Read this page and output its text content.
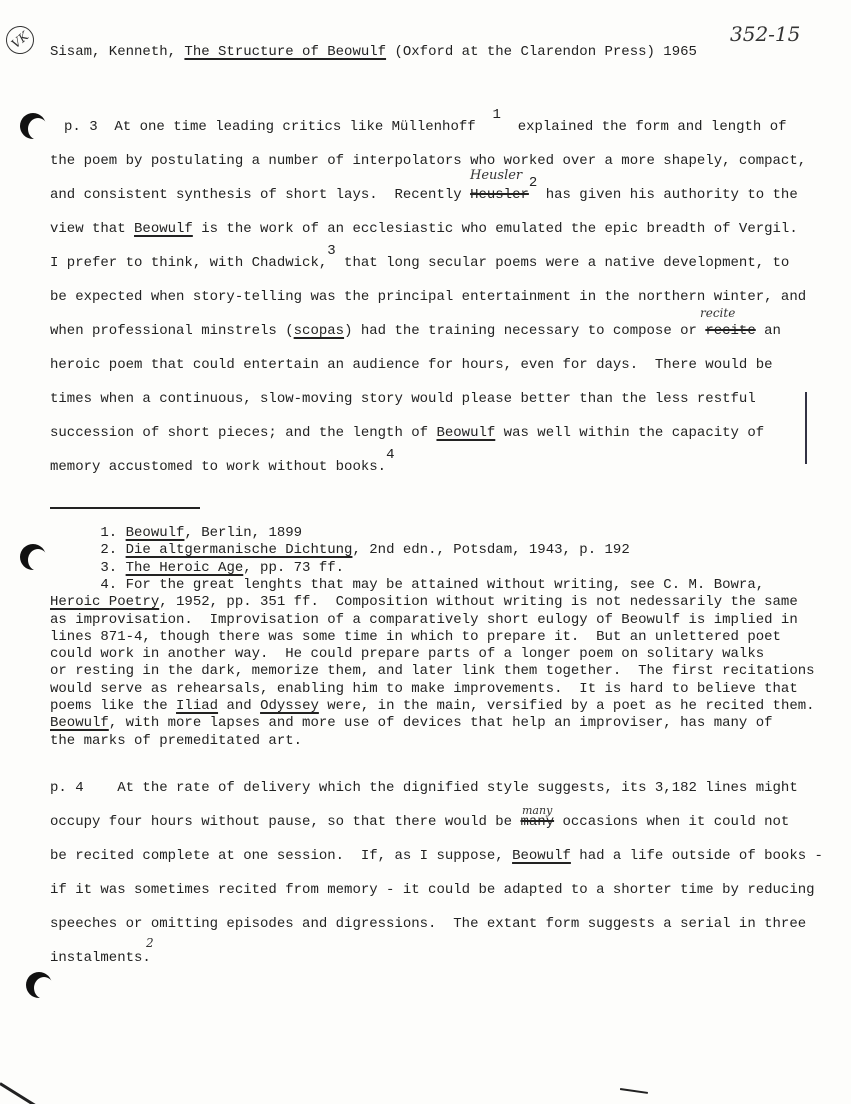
VK	352-15
Heusler
recite
many
2
Sisam, Kenneth, The Structure of Beowulf (Oxford at the Clarendon Press) 1965
p. 3  At one time leading critics like Müllenhoff  1  explained the form and length of
the poem by postulating a number of interpolators who worked over a more shapely, compact,
and consistent synthesis of short lays.  Recently Heusler2 has given his authority to the
view that Beowulf is the work of an ecclesiastic who emulated the epic breadth of Vergil.
I prefer to think, with Chadwick,3 that long secular poems were a native development, to
be expected when story-telling was the principal entertainment in the northern winter, and
when professional minstrels (scopas) had the training necessary to compose or recite an
heroic poem that could entertain an audience for hours, even for days.  There would be
times when a continuous, slow-moving story would please better than the less restful
succession of short pieces; and the length of Beowulf was well within the capacity of
memory accustomed to work without books.4
1. Beowulf, Berlin, 1899
2. Die altgermanische Dichtung, 2nd edn., Potsdam, 1943, p. 192
3. The Heroic Age, pp. 73 ff.
4. For the great lenghts that may be attained without writing, see C. M. Bowra,
Heroic Poetry, 1952, pp. 351 ff.  Composition without writing is not nedessarily the same
as improvisation.  Improvisation of a comparatively short eulogy of Beowulf is implied in
lines 871-4, though there was some time in which to prepare it.  But an unlettered poet
could work in another way.  He could prepare parts of a longer poem on solitary walks
or resting in the dark, memorize them, and later link them together.  The first recitations
would serve as rehearsals, enabling him to make improvements.  It is hard to believe that
poems like the Iliad and Odyssey were, in the main, versified by a poet as he recited them.
Beowulf, with more lapses and more use of devices that help an improviser, has many of
the marks of premeditated art.
p. 4    At the rate of delivery which the dignified style suggests, its 3,182 lines might
occupy four hours without pause, so that there would be many occasions when it could not
be recited complete at one session.  If, as I suppose, Beowulf had a life outside of books -
if it was sometimes recited from memory - it could be adapted to a shorter time by reducing
speeches or omitting episodes and digressions.  The extant form suggests a serial in three
instalments.
